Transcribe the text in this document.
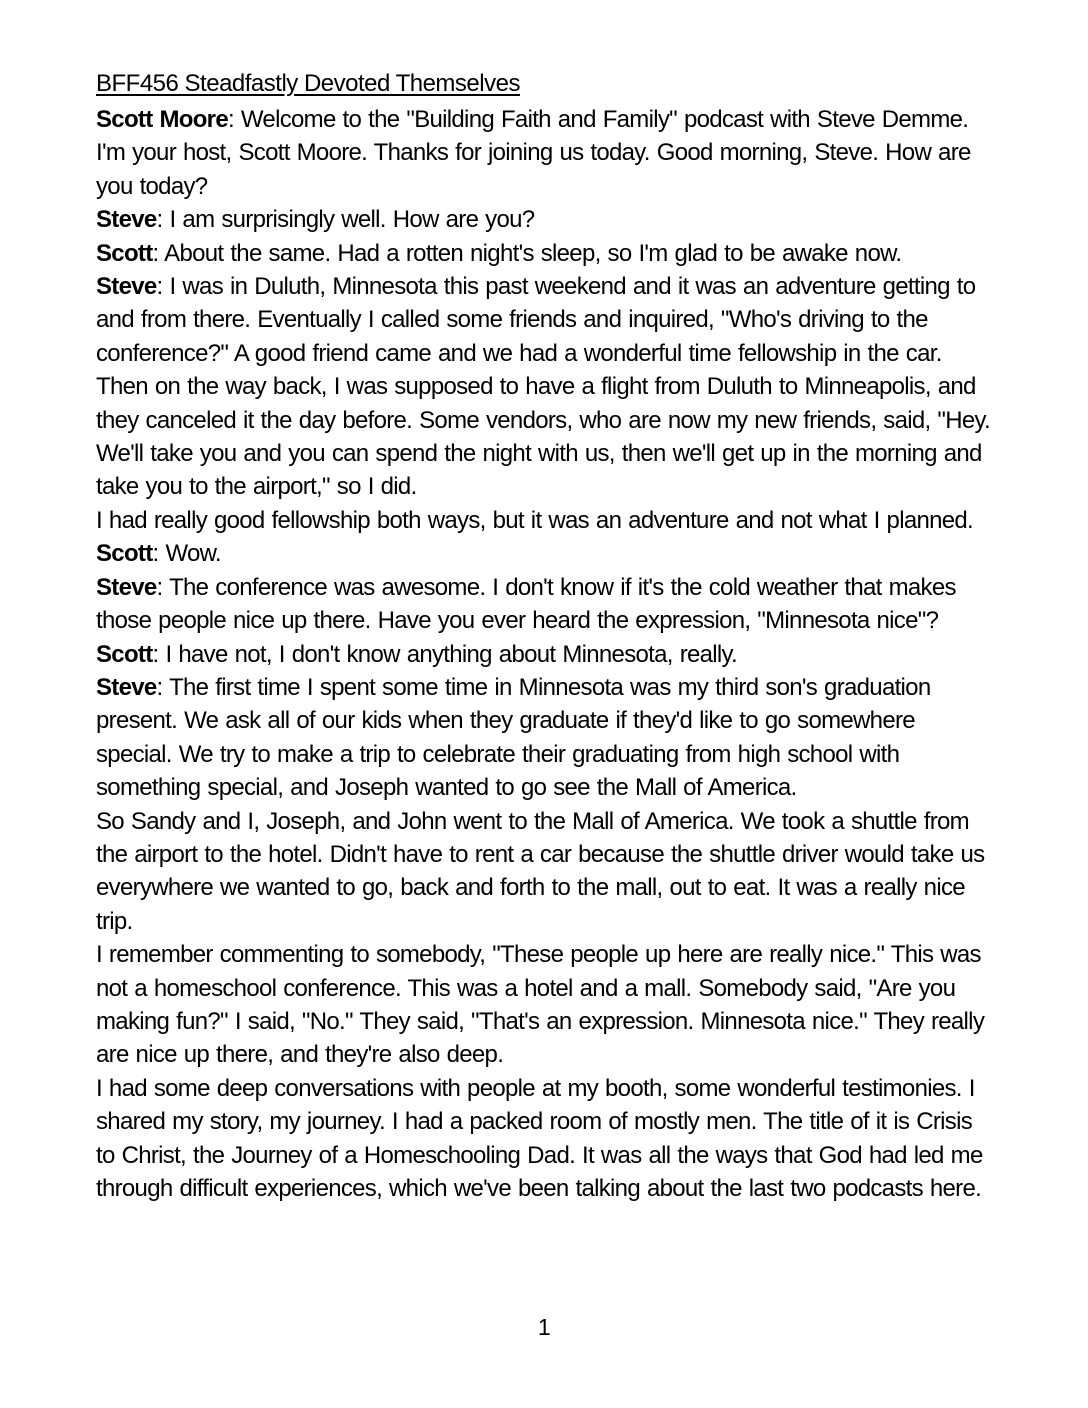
BFF456 Steadfastly Devoted Themselves

Scott Moore: Welcome to the "Building Faith and Family" podcast with Steve Demme. I'm your host, Scott Moore. Thanks for joining us today. Good morning, Steve. How are you today?

Steve: I am surprisingly well. How are you?

Scott: About the same. Had a rotten night's sleep, so I'm glad to be awake now.

Steve: I was in Duluth, Minnesota this past weekend and it was an adventure getting to and from there. Eventually I called some friends and inquired, "Who's driving to the conference?" A good friend came and we had a wonderful time fellowship in the car.

Then on the way back, I was supposed to have a flight from Duluth to Minneapolis, and they canceled it the day before. Some vendors, who are now my new friends, said, "Hey. We'll take you and you can spend the night with us, then we'll get up in the morning and take you to the airport," so I did.

I had really good fellowship both ways, but it was an adventure and not what I planned.

Scott: Wow.

Steve: The conference was awesome. I don't know if it's the cold weather that makes those people nice up there. Have you ever heard the expression, "Minnesota nice"?

Scott: I have not, I don't know anything about Minnesota, really.

Steve: The first time I spent some time in Minnesota was my third son's graduation present. We ask all of our kids when they graduate if they'd like to go somewhere special. We try to make a trip to celebrate their graduating from high school with something special, and Joseph wanted to go see the Mall of America.

So Sandy and I, Joseph, and John went to the Mall of America. We took a shuttle from the airport to the hotel. Didn't have to rent a car because the shuttle driver would take us everywhere we wanted to go, back and forth to the mall, out to eat. It was a really nice trip.

I remember commenting to somebody, "These people up here are really nice." This was not a homeschool conference. This was a hotel and a mall. Somebody said, "Are you making fun?" I said, "No." They said, "That's an expression. Minnesota nice." They really are nice up there, and they're also deep.

I had some deep conversations with people at my booth, some wonderful testimonies. I shared my story, my journey. I had a packed room of mostly men. The title of it is Crisis to Christ, the Journey of a Homeschooling Dad. It was all the ways that God had led me through difficult experiences, which we've been talking about the last two podcasts here.

1
